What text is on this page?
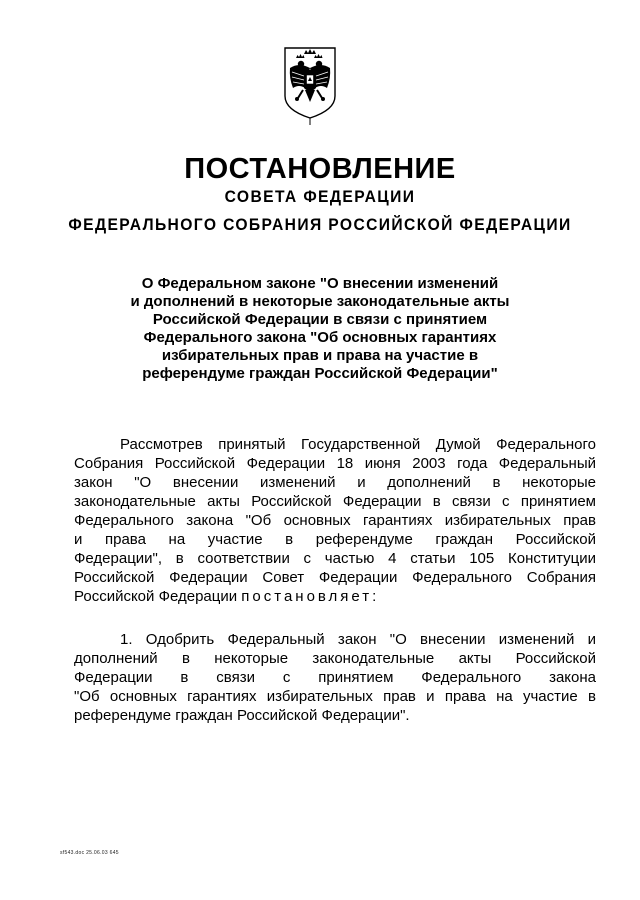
ПОСТАНОВЛЕНИЕ
СОВЕТА ФЕДЕРАЦИИ
ФЕДЕРАЛЬНОГО СОБРАНИЯ РОССИЙСКОЙ ФЕДЕРАЦИИ
О Федеральном законе "О внесении изменений
и дополнений в некоторые законодательные акты
Российской Федерации в связи с принятием
Федерального закона "Об основных гарантиях
избирательных прав и права на участие в
референдуме граждан Российской Федерации"
Рассмотрев принятый Государственной Думой Федерального
Собрания Российской Федерации 18 июня 2003 года Федеральный
закон "О внесении изменений и дополнений в некоторые
законодательные акты Российской Федерации в связи с принятием
Федерального закона "Об основных гарантиях избирательных прав
и права на участие в референдуме граждан Российской
Федерации", в соответствии с частью 4 статьи 105 Конституции
Российской Федерации Совет Федерации Федерального Собрания
Российской Федерации постановляет:
1. Одобрить Федеральный закон "О внесении изменений и
дополнений в некоторые законодательные акты Российской
Федерации в связи с принятием Федерального закона
"Об основных гарантиях избирательных прав и права на участие в
референдуме граждан Российской Федерации".
sf543.doc 25.06.03 645
